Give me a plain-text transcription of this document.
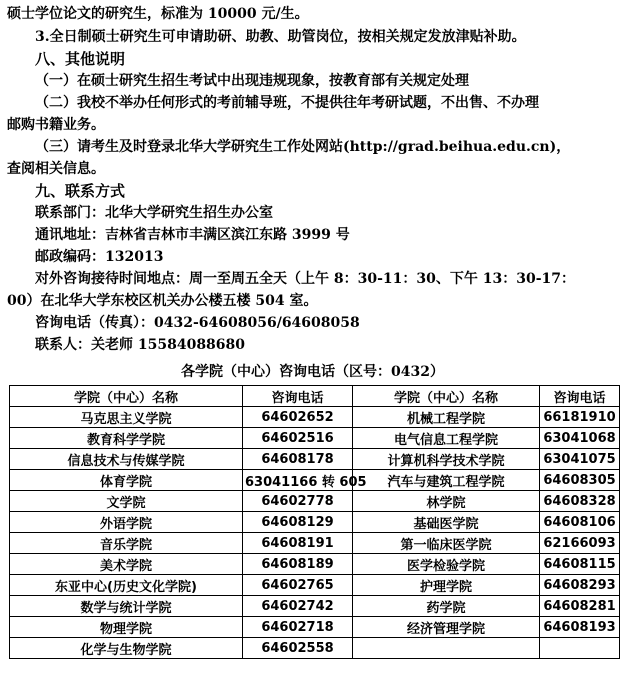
硕士学位论文的研究生，标准为 10000 元/生。
3.全日制硕士研究生可申请助研、助教、助管岗位，按相关规定发放津贴补助。
八、其他说明
（一）在硕士研究生招生考试中出现违规现象，按教育部有关规定处理
（二）我校不举办任何形式的考前辅导班，不提供往年考研试题，不出售、不办理
邮购书籍业务。
（三）请考生及时登录北华大学研究生工作处网站(http://grad.beihua.edu.cn)，
查阅相关信息。
九、联系方式
联系部门：北华大学研究生招生办公室
通讯地址：吉林省吉林市丰满区滨江东路 3999 号
邮政编码：132013
对外咨询接待时间地点：周一至周五全天（上午 8：30-11：30、下午 13：30-17：
00）在北华大学东校区机关办公楼五楼 504 室。
咨询电话（传真）：0432-64608056/64608058
联系人：关老师 15584088680
各学院（中心）咨询电话（区号：0432）
学院（中心）名称	咨询电话	学院（中心）名称	咨询电话
马克思主义学院	64602652	机械工程学院	66181910
教育科学学院	64602516	电气信息工程学院	63041068
信息技术与传媒学院	64608178	计算机科学技术学院	63041075
体育学院	63041166 转 605	汽车与建筑工程学院	64608305
文学院	64602778	林学院	64608328
外语学院	64608129	基础医学院	64608106
音乐学院	64608191	第一临床医学院	62166093
美术学院	64608189	医学检验学院	64608115
东亚中心(历史文化学院)	64602765	护理学院	64608293
数学与统计学院	64602742	药学院	64608281
物理学院	64602718	经济管理学院	64608193
化学与生物学院	64602558		
